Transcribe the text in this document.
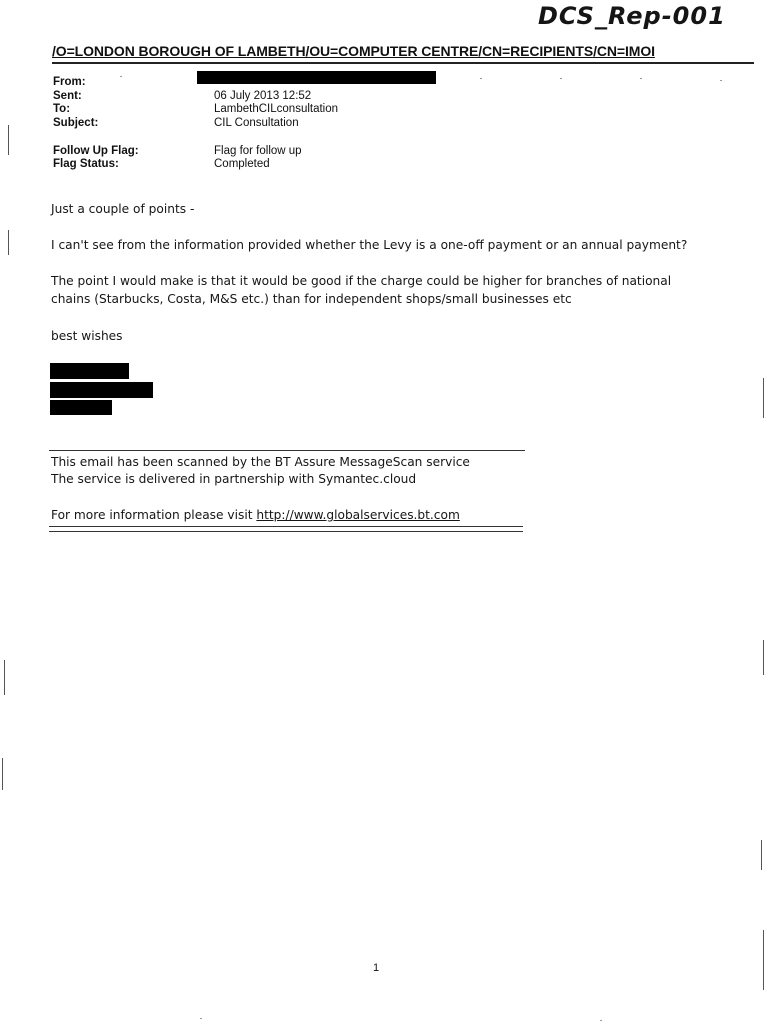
DCS_Rep-001
/O=LONDON BOROUGH OF LAMBETH/OU=COMPUTER CENTRE/CN=RECIPIENTS/CN=IMOI
From:
Sent:	06 July 2013 12:52
To:	LambethCILconsultation
Subject:	CIL Consultation
Follow Up Flag:	Flag for follow up
Flag Status:	Completed
Just a couple of points -
I can't see from the information provided whether the Levy is a one-off payment or an annual payment?
The point I would make is that it would be good if the charge could be higher for branches of national
chains (Starbucks, Costa, M&S etc.) than for independent shops/small businesses etc
best wishes
This email has been scanned by the BT Assure MessageScan service
The service is delivered in partnership with Symantec.cloud
For more information please visit http://www.globalservices.bt.com
1
